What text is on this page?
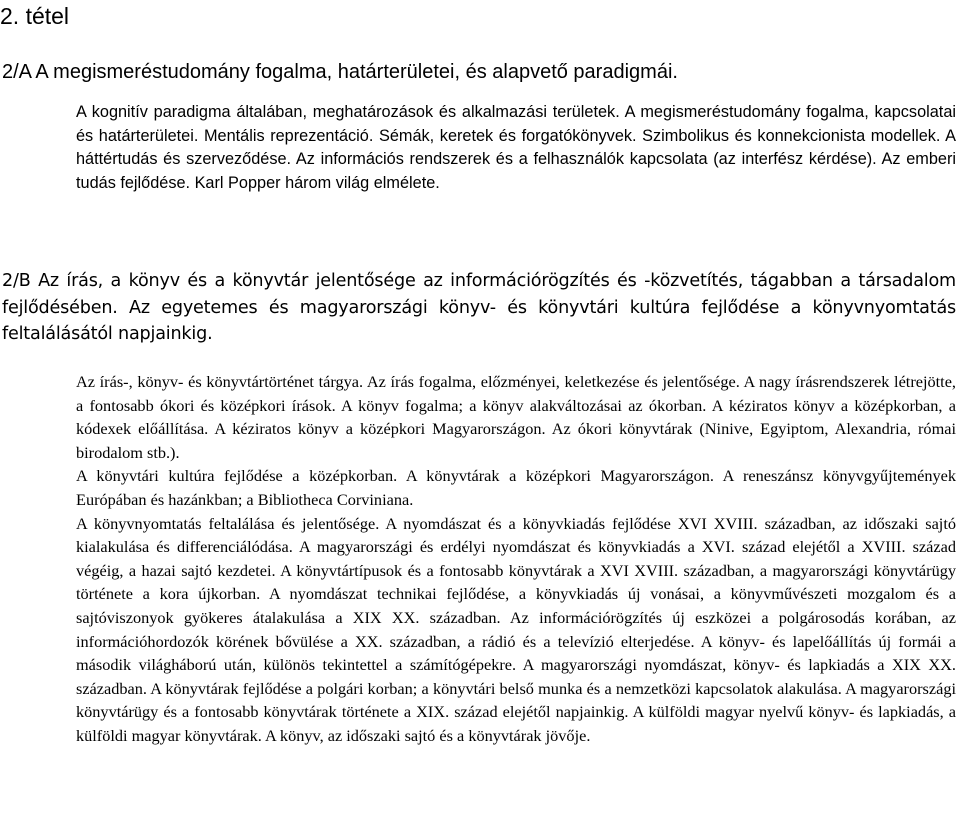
2. tétel
2/A A megismeréstudomány fogalma, határterületei, és alapvető paradigmái.
A kognitív paradigma általában, meghatározások és alkalmazási területek. A megismeréstudomány fogalma, kapcsolatai és határterületei. Mentális reprezentáció. Sémák, keretek és forgatókönyvek. Szimbolikus és konnekcionista modellek. A háttértudás és szerveződése. Az információs rendszerek és a felhasználók kapcsolata (az interfész kérdése). Az emberi tudás fejlődése. Karl Popper három világ elmélete.
2/B Az írás, a könyv és a könyvtár jelentősége az információrögzítés és -közvetítés, tágabban a társadalom fejlődésében. Az egyetemes és magyarországi könyv- és könyvtári kultúra fejlődése a könyvnyomtatás feltalálásától napjainkig.

Az írás-, könyv- és könyvtártörténet tárgya. Az írás fogalma, előzményei, keletkezése és jelentősége. A nagy írásrendszerek létrejötte, a fontosabb ókori és középkori írások. A könyv fogalma; a könyv alakváltozásai az ókorban. A kéziratos könyv a középkorban, a kódexek előállítása. A kéziratos könyv a középkori Magyarországon. Az ókori könyvtárak (Ninive, Egyiptom, Alexandria, római birodalom stb.).

A könyvtári kultúra fejlődése a középkorban. A könyvtárak a középkori Magyarországon. A reneszánsz könyvgyűjtemények Európában és hazánkban; a Bibliotheca Corviniana.

A könyvnyomtatás feltalálása és jelentősége. A nyomdászat és a könyvkiadás fejlődése XVI XVIII. században, az időszaki sajtó kialakulása és differenciálódása. A magyarországi és erdélyi nyomdászat és könyvkiadás a XVI. század elejétől a XVIII. század végéig, a hazai sajtó kezdetei. A könyvtártípusok és a fontosabb könyvtárak a XVI XVIII. században, a magyarországi könyvtárügy története a kora újkorban. A nyomdászat technikai fejlődése, a könyvkiadás új vonásai, a könyvművészeti mozgalom és a sajtóviszonyok gyökeres átalakulása a XIX XX. században. Az információrögzítés új eszközei a polgárosodás korában, az információhordozók körének bővülése a XX. században, a rádió és a televízió elterjedése. A könyv- és lapelőállítás új formái a második világháború után, különös tekintettel a számítógépekre. A magyarországi nyomdászat, könyv- és lapkiadás a XIX XX. században. A könyvtárak fejlődése a polgári korban; a könyvtári belső munka és a nemzetközi kapcsolatok alakulása. A magyarországi könyvtárügy és a fontosabb könyvtárak története a XIX. század elejétől napjainkig. A külföldi magyar nyelvű könyv- és lapkiadás, a külföldi magyar könyvtárak. A könyv, az időszaki sajtó és a könyvtárak jövője.
